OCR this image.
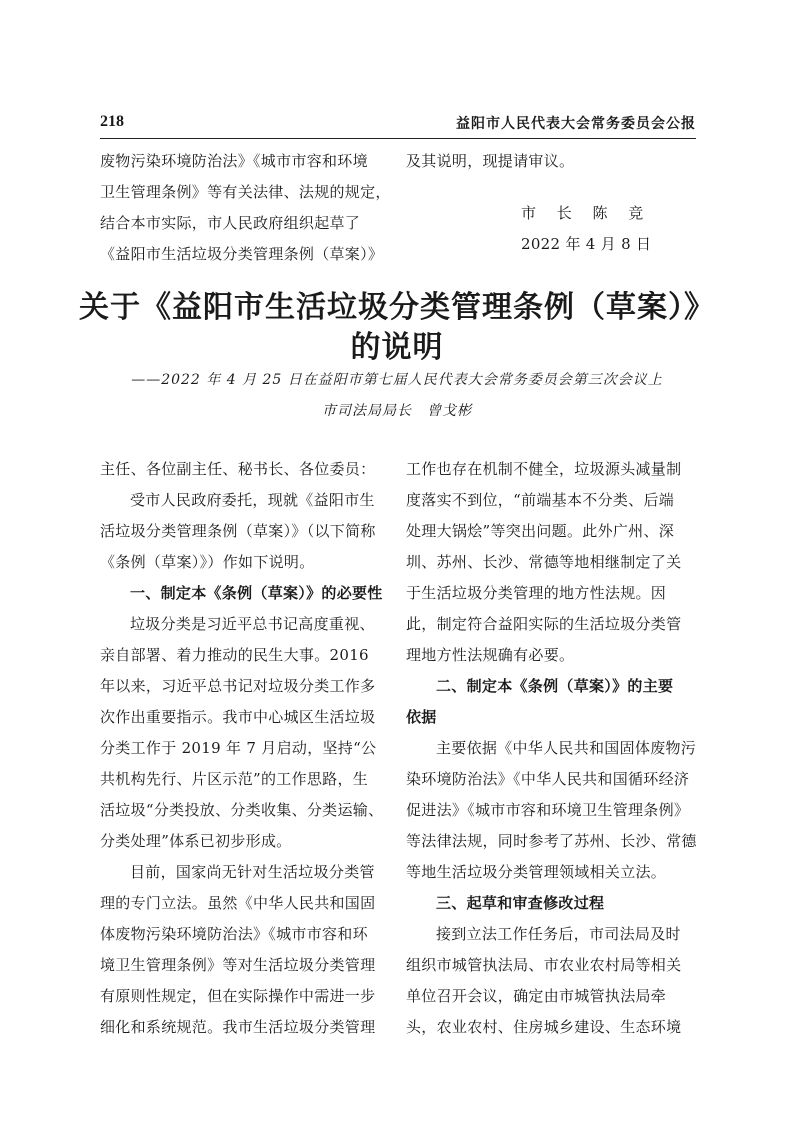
218	益阳市人民代表大会常务委员会公报

废物污染环境防治法》《城市市容和环境

卫生管理条例》等有关法律、法规的规定，

结合本市实际，市人民政府组织起草了

《益阳市生活垃圾分类管理条例（草案）》

及其说明，现提请审议。

市 长 陈 竞
2022 年 4 月 8 日
关于《益阳市生活垃圾分类管理条例（草案）》
的说明
——2022 年 4 月 25 日在益阳市第七届人民代表大会常务委员会第三次会议上
市司法局局长　曾戈彬

主任、各位副主任、秘书长、各位委员：

受市人民政府委托，现就《益阳市生

活垃圾分类管理条例（草案）》（以下简称

《条例（草案）》）作如下说明。

一、制定本《条例（草案）》的必要性

垃圾分类是习近平总书记高度重视、

亲自部署、着力推动的民生大事。2016

年以来，习近平总书记对垃圾分类工作多

次作出重要指示。我市中心城区生活垃圾

分类工作于 2019 年 7 月启动，坚持“公

共机构先行、片区示范”的工作思路，生

活垃圾“分类投放、分类收集、分类运输、

分类处理”体系已初步形成。

目前，国家尚无针对生活垃圾分类管

理的专门立法。虽然《中华人民共和国固

体废物污染环境防治法》《城市市容和环

境卫生管理条例》等对生活垃圾分类管理

有原则性规定，但在实际操作中需进一步

细化和系统规范。我市生活垃圾分类管理

工作也存在机制不健全，垃圾源头减量制

度落实不到位，“前端基本不分类、后端

处理大锅烩”等突出问题。此外广州、深

圳、苏州、长沙、常德等地相继制定了关

于生活垃圾分类管理的地方性法规。因

此，制定符合益阳实际的生活垃圾分类管

理地方性法规确有必要。

二、制定本《条例（草案）》的主要

依据

主要依据《中华人民共和国固体废物污

染环境防治法》《中华人民共和国循环经济

促进法》《城市市容和环境卫生管理条例》

等法律法规，同时参考了苏州、长沙、常德

等地生活垃圾分类管理领域相关立法。

三、起草和审查修改过程

接到立法工作任务后，市司法局及时

组织市城管执法局、市农业农村局等相关

单位召开会议，确定由市城管执法局牵

头，农业农村、住房城乡建设、生态环境
